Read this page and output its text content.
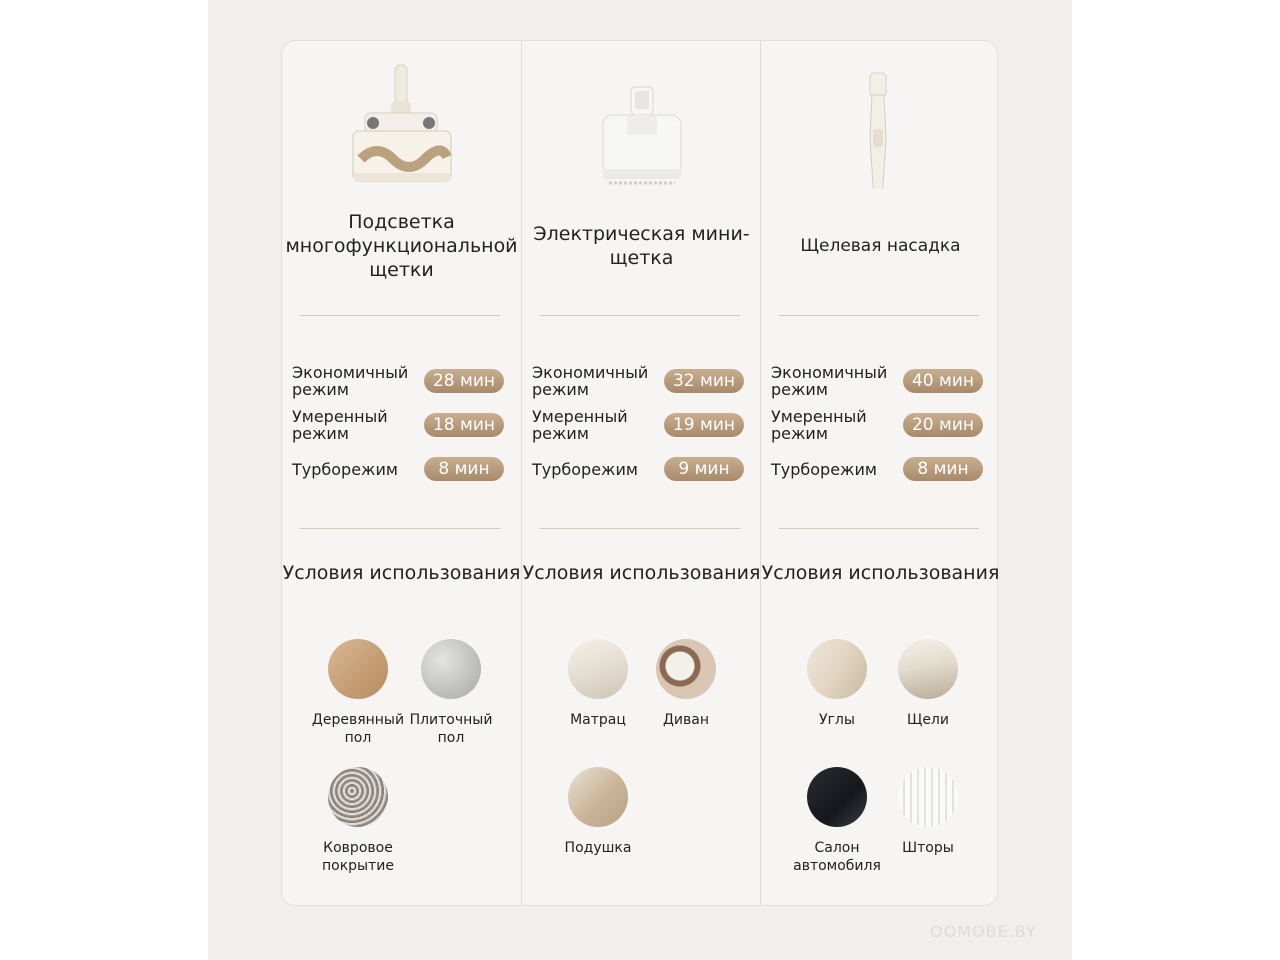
Подсветка многофункциональной щетки
Экономичный режим	28 мин
Умеренный режим	18 мин
Турборежим	8 мин
Условия использования
Деревянный пол
Плиточный пол
Ковровое покрытие
Электрическая мини-щетка
Экономичный режим	32 мин
Умеренный режим	19 мин
Турборежим	9 мин
Условия использования
Матрац	Диван
Подушка
Щелевая насадка
Экономичный режим	40 мин
Умеренный режим	20 мин
Турборежим	8 мин
Условия использования
Углы	Щели
Салон автомобиля
Шторы
OOMOBE.BY
